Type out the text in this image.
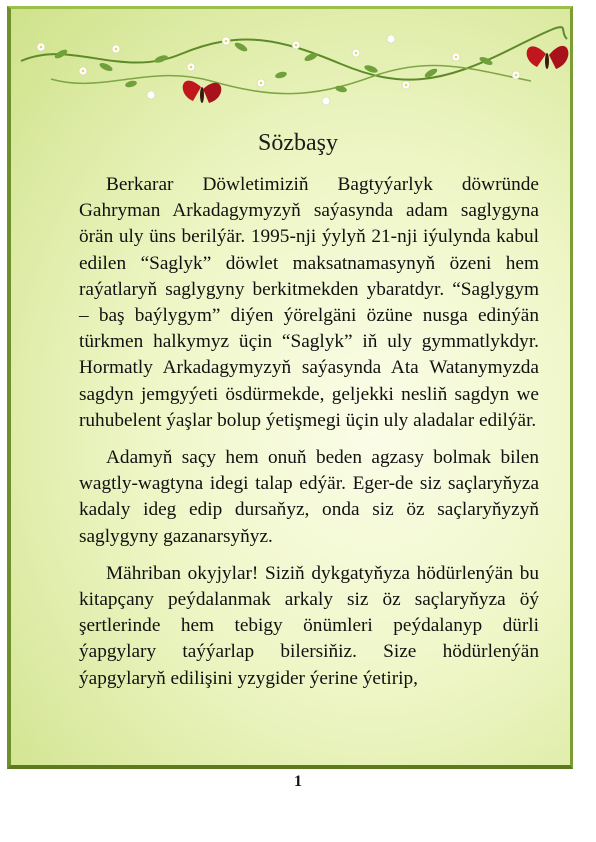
Sözbaşy

Berkarar Döwletimiziň Bagtyýarlyk döwründe Gahryman Arkadagymyzyň saýasynda adam saglygyna örän uly üns berilýär. 1995-nji ýylyň 21-nji iýulynda kabul edilen “Saglyk” döwlet maksatnamasynyň özeni hem raýatlaryň saglygyny berkitmekden ybaratdyr. “Saglygym – baş baýlygym” diýen ýörelgäni özüne nusga edinýän türkmen halkymyz üçin “Saglyk” iň uly gymmatlykdyr. Hormatly Arkadagymyzyň saýasynda Ata Watanymyzda sagdyn jemgyýeti ösdürmekde, geljekki nesliň sagdyn we ruhubelent ýaşlar bolup ýetişmegi üçin uly aladalar edilýär.

Adamyň saçy hem onuň beden agzasy bolmak bilen wagtly-wagtyna idegi talap edýär. Eger-de siz saçlaryňyza kadaly ideg edip dursaňyz, onda siz öz saçlaryňyzyň saglygyny gazanarsyňyz.

Mähriban okyjylar! Siziň dykgatyňyza hödürlenýän bu kitapçany peýdalanmak arkaly siz öz saçlaryňyza öý şertlerinde hem tebigy önümleri peýdalanyp dürli ýapgylary taýýarlap bilersiňiz. Size hödürlenýän ýapgylaryň edilişini yzygider ýerine ýetirip,

1
